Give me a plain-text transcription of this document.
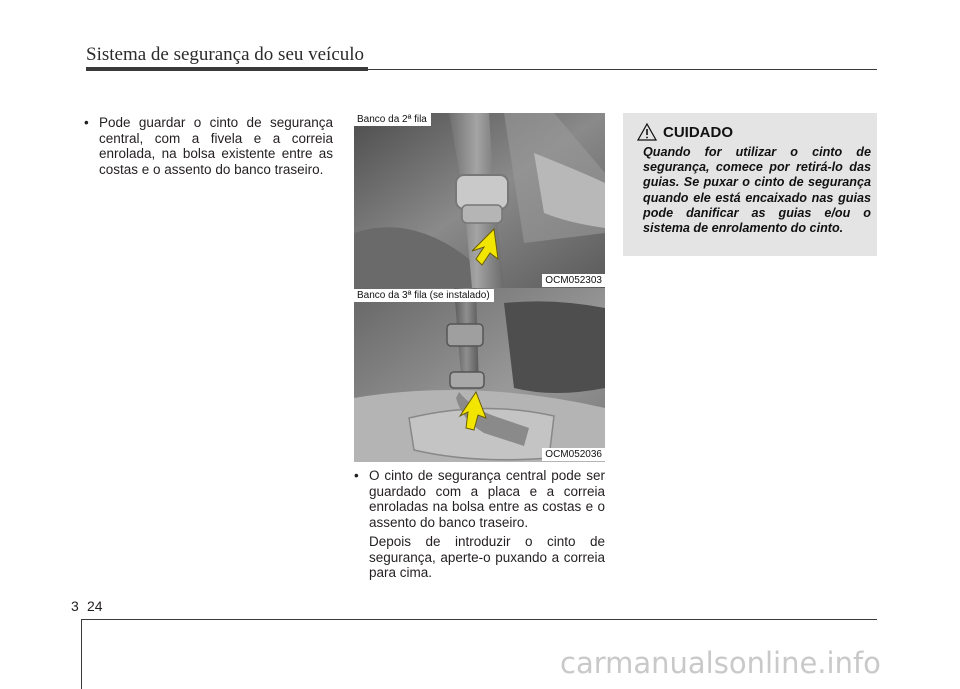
Sistema de segurança do seu veículo
• Pode guardar o cinto de segurança central, com a fivela e a correia enrolada, na bolsa existente entre as costas e o assento do banco traseiro.
Banco da 2ª fila
OCM052303
Banco da 3ª fila (se instalado)
OCM052036
• O cinto de segurança central pode ser guardado com a placa e a correia enroladas na bolsa entre as costas e o assento do banco traseiro.

Depois de introduzir o cinto de segurança, aperte-o puxando a correia para cima.

CUIDADO
Quando for utilizar o cinto de segurança, comece por retirá-lo das guias. Se puxar o cinto de segurança quando ele está encaixado nas guias pode danificar as guias e/ou o sistema de enrolamento do cinto.
3 24
carmanualsonline.info
